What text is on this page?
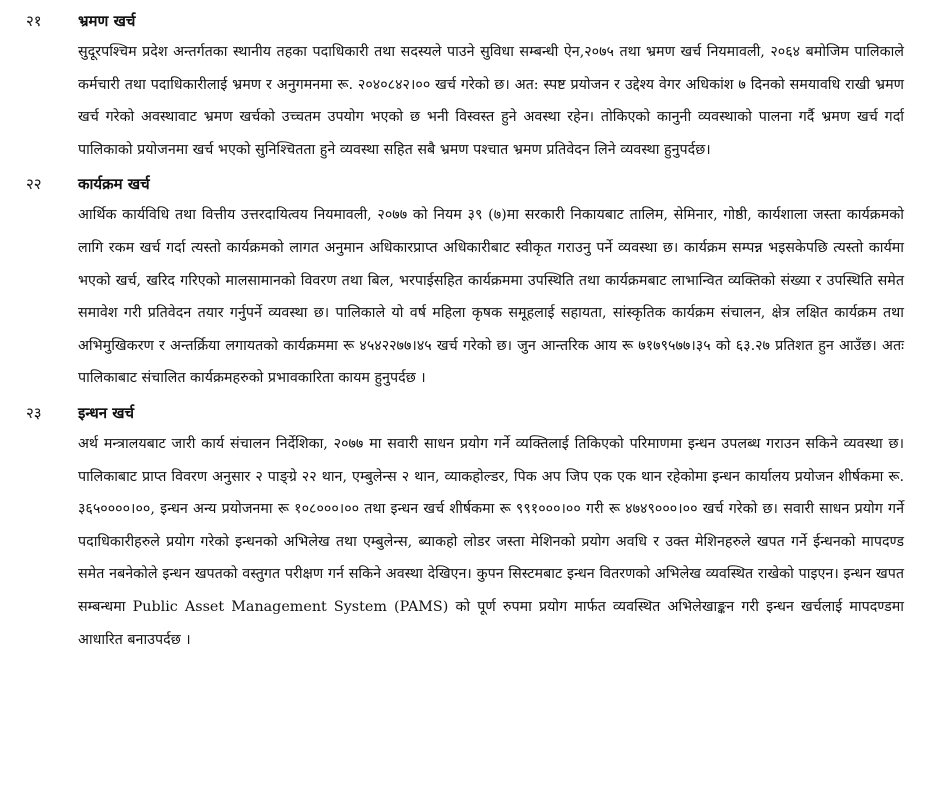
२१	भ्रमण खर्च
सुदूरपश्चिम प्रदेश अन्तर्गतका स्थानीय तहका पदाधिकारी तथा सदस्यले पाउने सुविधा सम्बन्धी ऐन,२०७५ तथा भ्रमण खर्च नियमावली, २०६४ बमोजिम पालिकाले कर्मचारी तथा पदाधिकारीलाई भ्रमण र अनुगमनमा रू. २०४०८४२।०० खर्च गरेको छ। अत: स्पष्ट प्रयोजन र उद्देश्य वेगर अधिकांश ७ दिनको समयावधि राखी भ्रमण खर्च गरेको अवस्थावाट भ्रमण खर्चको उच्चतम उपयोग भएको छ भनी विस्वस्त हुने अवस्था रहेन। तोकिएको कानुनी व्यवस्थाको पालना गर्दै भ्रमण खर्च गर्दा पालिकाको प्रयोजनमा खर्च भएको सुनिश्चितता हुने व्यवस्था सहित सबै भ्रमण पश्चात भ्रमण प्रतिवेदन लिने व्यवस्था हुनुपर्दछ।
२२	कार्यक्रम खर्च
आर्थिक कार्यविधि तथा वित्तीय उत्तरदायित्वय नियमावली, २०७७ को नियम ३९ (७)मा सरकारी निकायबाट तालिम, सेमिनार, गोष्ठी, कार्यशाला जस्ता कार्यक्रमको लागि रकम खर्च गर्दा त्यस्तो कार्यक्रमको लागत अनुमान अधिकारप्राप्त अधिकारीबाट स्वीकृत गराउनु पर्ने व्यवस्था छ। कार्यक्रम सम्पन्न भइसकेपछि त्यस्तो कार्यमा भएको खर्च, खरिद गरिएको मालसामानको विवरण तथा बिल, भरपाईसहित कार्यक्रममा उपस्थिति तथा कार्यक्रमबाट लाभान्वित व्यक्तिको संख्या र उपस्थिति समेत समावेश गरी प्रतिवेदन तयार गर्नुपर्ने व्यवस्था छ। पालिकाले यो वर्ष महिला कृषक समूहलाई सहायता, सांस्कृतिक कार्यक्रम संचालन, क्षेत्र लक्षित कार्यक्रम तथा अभिमुखिकरण र अन्तर्क्रिया लगायतको कार्यक्रममा रू ४५४२२७७।४५ खर्च गरेको छ। जुन आन्तरिक आय रू ७१७९५७७।३५ को ६३.२७ प्रतिशत हुन आउँछ। अतः पालिकाबाट संचालित कार्यक्रमहरुको प्रभावकारिता कायम हुनुपर्दछ ।
२३	इन्धन खर्च
अर्थ मन्त्रालयबाट जारी कार्य संचालन निर्देशिका, २०७७ मा सवारी साधन प्रयोग गर्ने व्यक्तिलाई तिकिएको परिमाणमा इन्धन उपलब्ध गराउन सकिने व्यवस्था छ। पालिकाबाट प्राप्त विवरण अनुसार २ पाङ्ग्रे २२ थान, एम्बुलेन्स २ थान, व्याकहोल्डर, पिक अप जिप एक एक थान रहेकोमा इन्धन कार्यालय प्रयोजन शीर्षकमा रू. ३६५००००।००, इन्धन अन्य प्रयोजनमा रू १०८०००।०० तथा इन्धन खर्च शीर्षकमा रू ९९१०००।०० गरी रू ४७४९०००।०० खर्च गरेको छ। सवारी साधन प्रयोग गर्ने पदाधिकारीहरुले प्रयोग गरेको इन्धनको अभिलेख तथा एम्बुलेन्स, ब्याकहो लोडर जस्ता मेशिनको प्रयोग अवधि र उक्त मेशिनहरुले खपत गर्ने ईन्धनको मापदण्ड समेत नबनेकोले इन्धन खपतको वस्तुगत परीक्षण गर्न सकिने अवस्था देखिएन। कुपन सिस्टमबाट इन्धन वितरणको अभिलेख व्यवस्थित राखेको पाइएन। इन्धन खपत सम्बन्धमा Public Asset Management System (PAMS) को पूर्ण रुपमा प्रयोग मार्फत व्यवस्थित अभिलेखाङ्कन गरी इन्धन खर्चलाई मापदण्डमा आधारित बनाउपर्दछ ।
